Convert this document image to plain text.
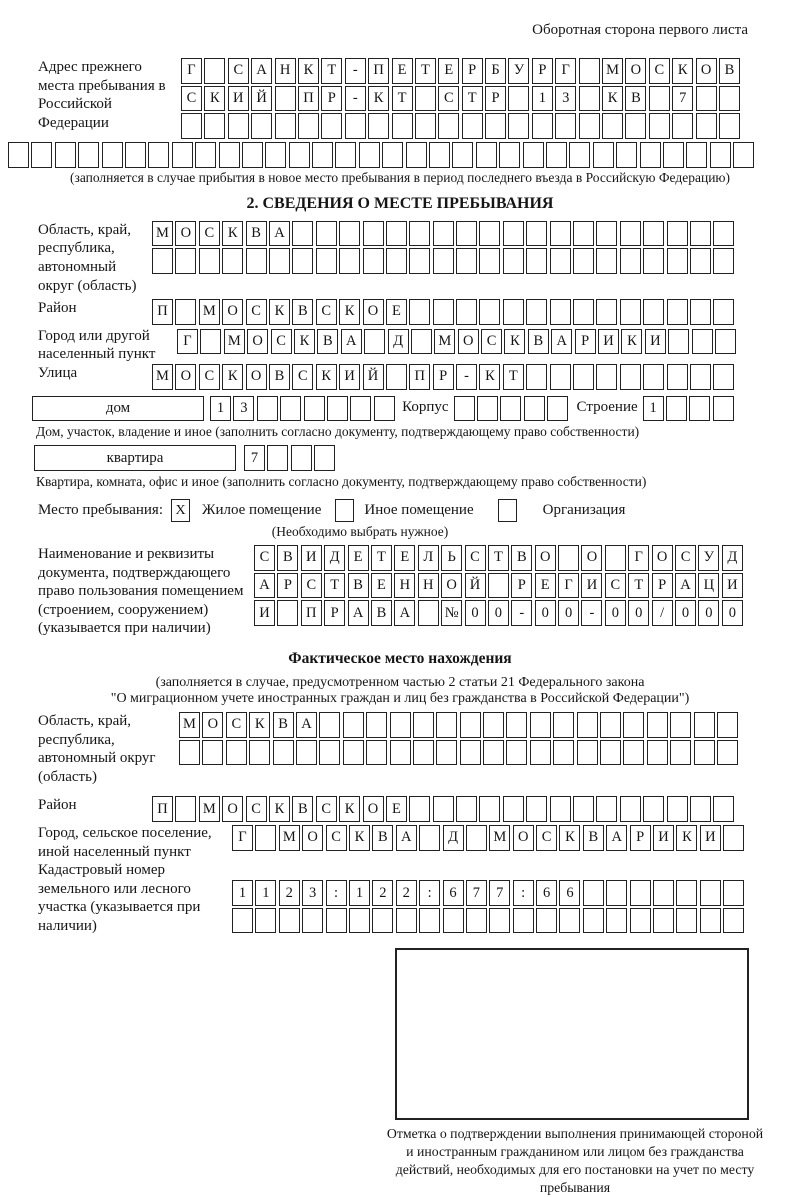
Оборотная сторона первого листа
Адрес прежнего места пребывания в Российской Федерации
Г	С А Н К Т	-	П Е	Т	Е	Р	Б У Р	Г	М О С К О В
С К И Й	П Р	-	К Т	С Т	Р	1	3	К В	7
(заполняется в случае прибытия в новое место пребывания в период последнего въезда в Российскую Федерацию)
2. СВЕДЕНИЯ О МЕСТЕ ПРЕБЫВАНИЯ
Область, край, республика, автономный округ (область)
М О С К В А
Район	П	М О С К В С К О Е
Город или другой населенный пункт
Г	М О С К В А	Д	М О С К В А Р И К И
Улица	М О С К О В С К И Й	П Р	-	К Т
дом	1	3	Корпус	Строение 1
Дом, участок, владение и иное (заполнить согласно документу, подтверждающему право собственности)
квартира	7
Квартира, комната, офис и иное (заполнить согласно документу, подтверждающему право собственности)
Место пребывания: X Жилое помещение	Иное помещение	Организация
(Необходимо выбрать нужное)
Наименование и реквизиты документа, подтверждающего право пользования помещением (строением, сооружением) (указывается при наличии)
С В И Д Е	Т	Е Л Ь С Т В О	О	Г О С У Д
А Р	С Т В Е Н Н О Й	Р	Е	Г И С Т	Р А Ц И
И	П Р А В А	№ 0	0	-	0	0	-	0	0	/	0	0	0
Фактическое место нахождения
(заполняется в случае, предусмотренном частью 2 статьи 21 Федерального закона
"О миграционном учете иностранных граждан и лиц без гражданства в Российской Федерации")
Область, край, республика, автономный округ (область)
М О С К В А
Район	П	М О С К В С К О Е
Город, сельское поселение, иной населенный пункт
Г	М О С К В А	Д	М О С К В А Р И К И
Кадастровый номер земельного или лесного участка (указывается при наличии)
1	1	2	3	:	1	2	2	:	6	7	7	:	6	6
Отметка о подтверждении выполнения принимающей стороной и иностранным гражданином или лицом без гражданства действий, необходимых для его постановки на учет по месту пребывания
